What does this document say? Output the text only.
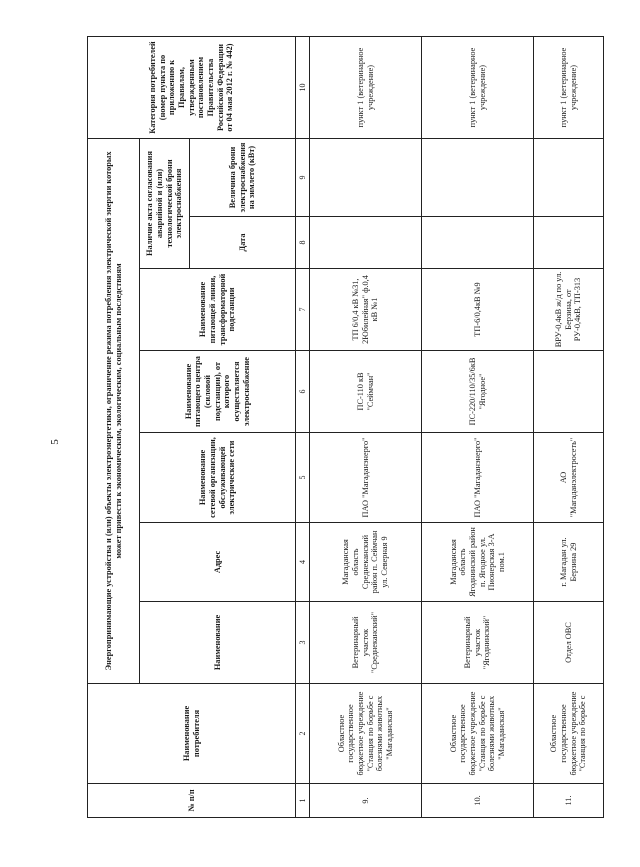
5
№ п/п	Наименование потребителя	Энергопринимающие устройства и (или) объекты электроэнергетики, ограничение режима потребления электрической энергии которых может привести к экономическим, экологическим, социальным последствиям							Категория потребителей (номер пункта по приложению к Правилам, утвержденным постановлением Правительства Российской Федерации от 04 мая 2012 г. № 442)
		Наименование	Адрес	Наименование сетевой организации, обслуживающей электрические сети	Наименование питающего центра (силовой подстанции), от которого осуществляется электроснабжение	Наименование питающей линии, трансформаторной подстанции	Наличие акта согласования аварийной и (или) технологической брони электроснабжения		
							Дата	Величина брони электроснабжения на зимлето (кВт)	
1	2	3	4	5	6	7	8	9	10
9.	Областное государственное бюджетное учреждение "Станция по борьбе с болезнями животных "Магаданская"	Ветеринарный участок "Среднеканский"	Магаданская область Среднеканский район п. Сеймчан ул. Северная 9	ПАО "Магаданэнерго"	ПС-110 кВ "Сеймчан"	ТП 6/0,4 кВ №31, 2Юбилейная" ф.0,4 кВ №1			пункт 1 (ветеринарное учреждение)
10.	Областное государственное бюджетное учреждение "Станция по борьбе с болезнями животных "Магаданская"	Ветеринарный участок "Ягоднинский"	Магаданская область Ягоднинский район п. Ягодное ул. Пионерская 3-А пом.1	ПАО "Магаданэнерго"	ПС-220/110/35/6кВ "Ягодное"	ТП-6/0,4кВ №9			пункт 1 (ветеринарное учреждение)
11.	Областное государственное бюджетное учреждение "Станция по борьбе с	Отдел ОВС	г. Магадан ул. Берзина 29	АО "Магаданэлектросеть"		ВРУ-0,4кВ ж/д по ул. Берзина, от РУ-0,4кВ, ТП-313			пункт 1 (ветеринарное учреждение)
